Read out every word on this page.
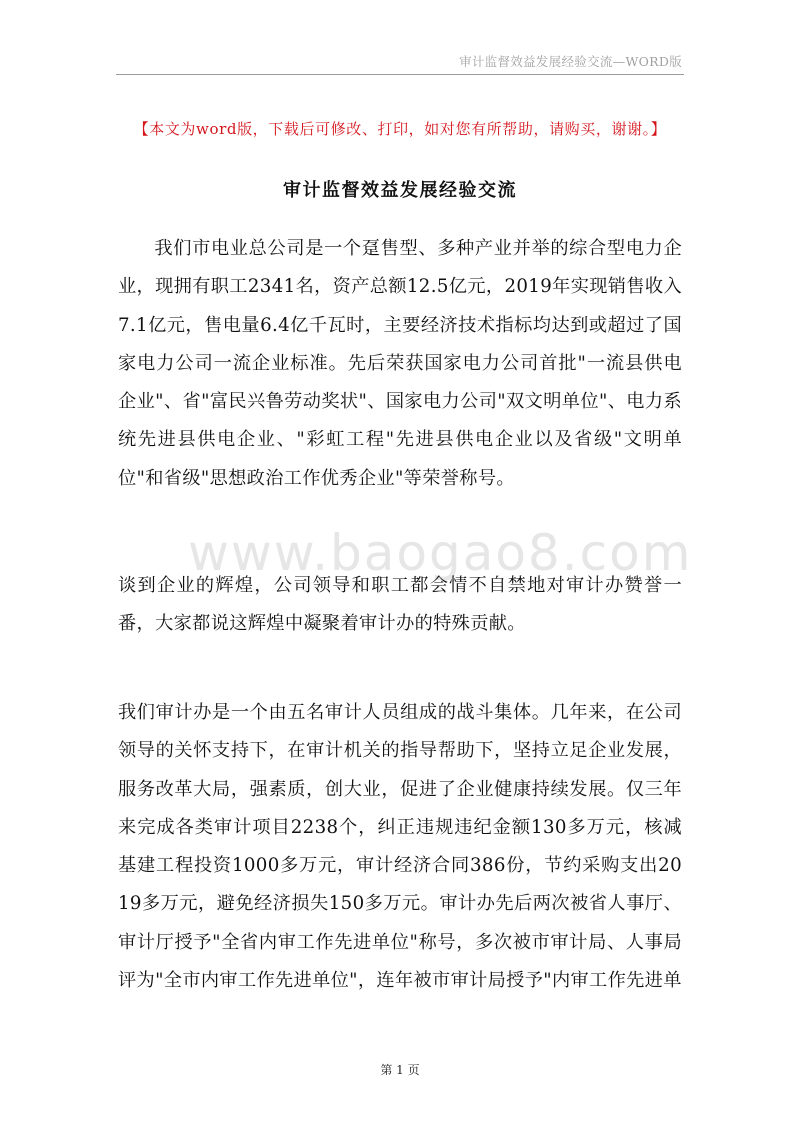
审计监督效益发展经验交流—WORD版
【本文为word版，下载后可修改、打印，如对您有所帮助，请购买，谢谢。】
审计监督效益发展经验交流

我们市电业总公司是一个趸售型、多种产业并举的综合型电力企业，现拥有职工2341名，资产总额12.5亿元，2019年实现销售收入7.1亿元，售电量6.4亿千瓦时，主要经济技术指标均达到或超过了国家电力公司一流企业标准。先后荣获国家电力公司首批"一流县供电企业"、省"富民兴鲁劳动奖状"、国家电力公司"双文明单位"、电力系统先进县供电企业、"彩虹工程"先进县供电企业以及省级"文明单位"和省级"思想政治工作优秀企业"等荣誉称号。

www.baogao8.com

谈到企业的辉煌，公司领导和职工都会情不自禁地对审计办赞誉一番，大家都说这辉煌中凝聚着审计办的特殊贡献。

我们审计办是一个由五名审计人员组成的战斗集体。几年来，在公司领导的关怀支持下，在审计机关的指导帮助下，坚持立足企业发展，服务改革大局，强素质，创大业，促进了企业健康持续发展。仅三年来完成各类审计项目2238个，纠正违规违纪金额130多万元，核减基建工程投资1000多万元，审计经济合同386份，节约采购支出2019多万元，避免经济损失150多万元。审计办先后两次被省人事厅、审计厅授予"全省内审工作先进单位"称号，多次被市审计局、人事局评为"全市内审工作先进单位"，连年被市审计局授予"内审工作先进单

第 1 页
